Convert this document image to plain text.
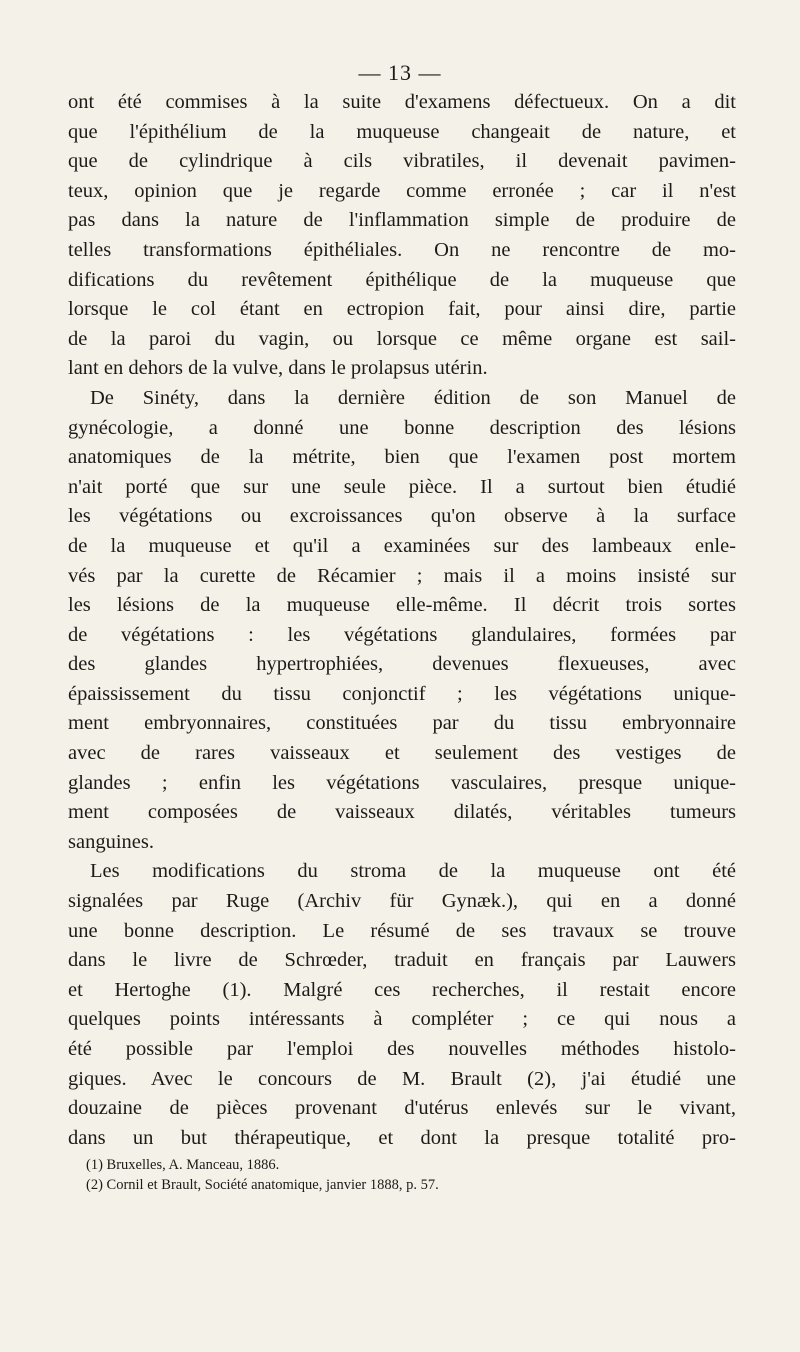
— 13 —
ont été commises à la suite d'examens défectueux. On a dit
que l'épithélium de la muqueuse changeait de nature, et
que de cylindrique à cils vibratiles, il devenait pavimen-
teux, opinion que je regarde comme erronée ; car il n'est
pas dans la nature de l'inflammation simple de produire de
telles transformations épithéliales. On ne rencontre de mo-
difications du revêtement épithélique de la muqueuse que
lorsque le col étant en ectropion fait, pour ainsi dire, partie
de la paroi du vagin, ou lorsque ce même organe est sail-
lant en dehors de la vulve, dans le prolapsus utérin.
De Sinéty, dans la dernière édition de son Manuel de
gynécologie, a donné une bonne description des lésions
anatomiques de la métrite, bien que l'examen post mortem
n'ait porté que sur une seule pièce. Il a surtout bien étudié
les végétations ou excroissances qu'on observe à la surface
de la muqueuse et qu'il a examinées sur des lambeaux enle-
vés par la curette de Récamier ; mais il a moins insisté sur
les lésions de la muqueuse elle-même. Il décrit trois sortes
de végétations : les végétations glandulaires, formées par
des glandes hypertrophiées, devenues flexueuses, avec
épaississement du tissu conjonctif ; les végétations unique-
ment embryonnaires, constituées par du tissu embryonnaire
avec de rares vaisseaux et seulement des vestiges de
glandes ; enfin les végétations vasculaires, presque unique-
ment composées de vaisseaux dilatés, véritables tumeurs
sanguines.
Les modifications du stroma de la muqueuse ont été
signalées par Ruge (Archiv für Gynæk.), qui en a donné
une bonne description. Le résumé de ses travaux se trouve
dans le livre de Schrœder, traduit en français par Lauwers
et Hertoghe (1). Malgré ces recherches, il restait encore
quelques points intéressants à compléter ; ce qui nous a
été possible par l'emploi des nouvelles méthodes histolo-
giques. Avec le concours de M. Brault (2), j'ai étudié une
douzaine de pièces provenant d'utérus enlevés sur le vivant,
dans un but thérapeutique, et dont la presque totalité pro-
(1) Bruxelles, A. Manceau, 1886.
(2) Cornil et Brault, Société anatomique, janvier 1888, p. 57.
